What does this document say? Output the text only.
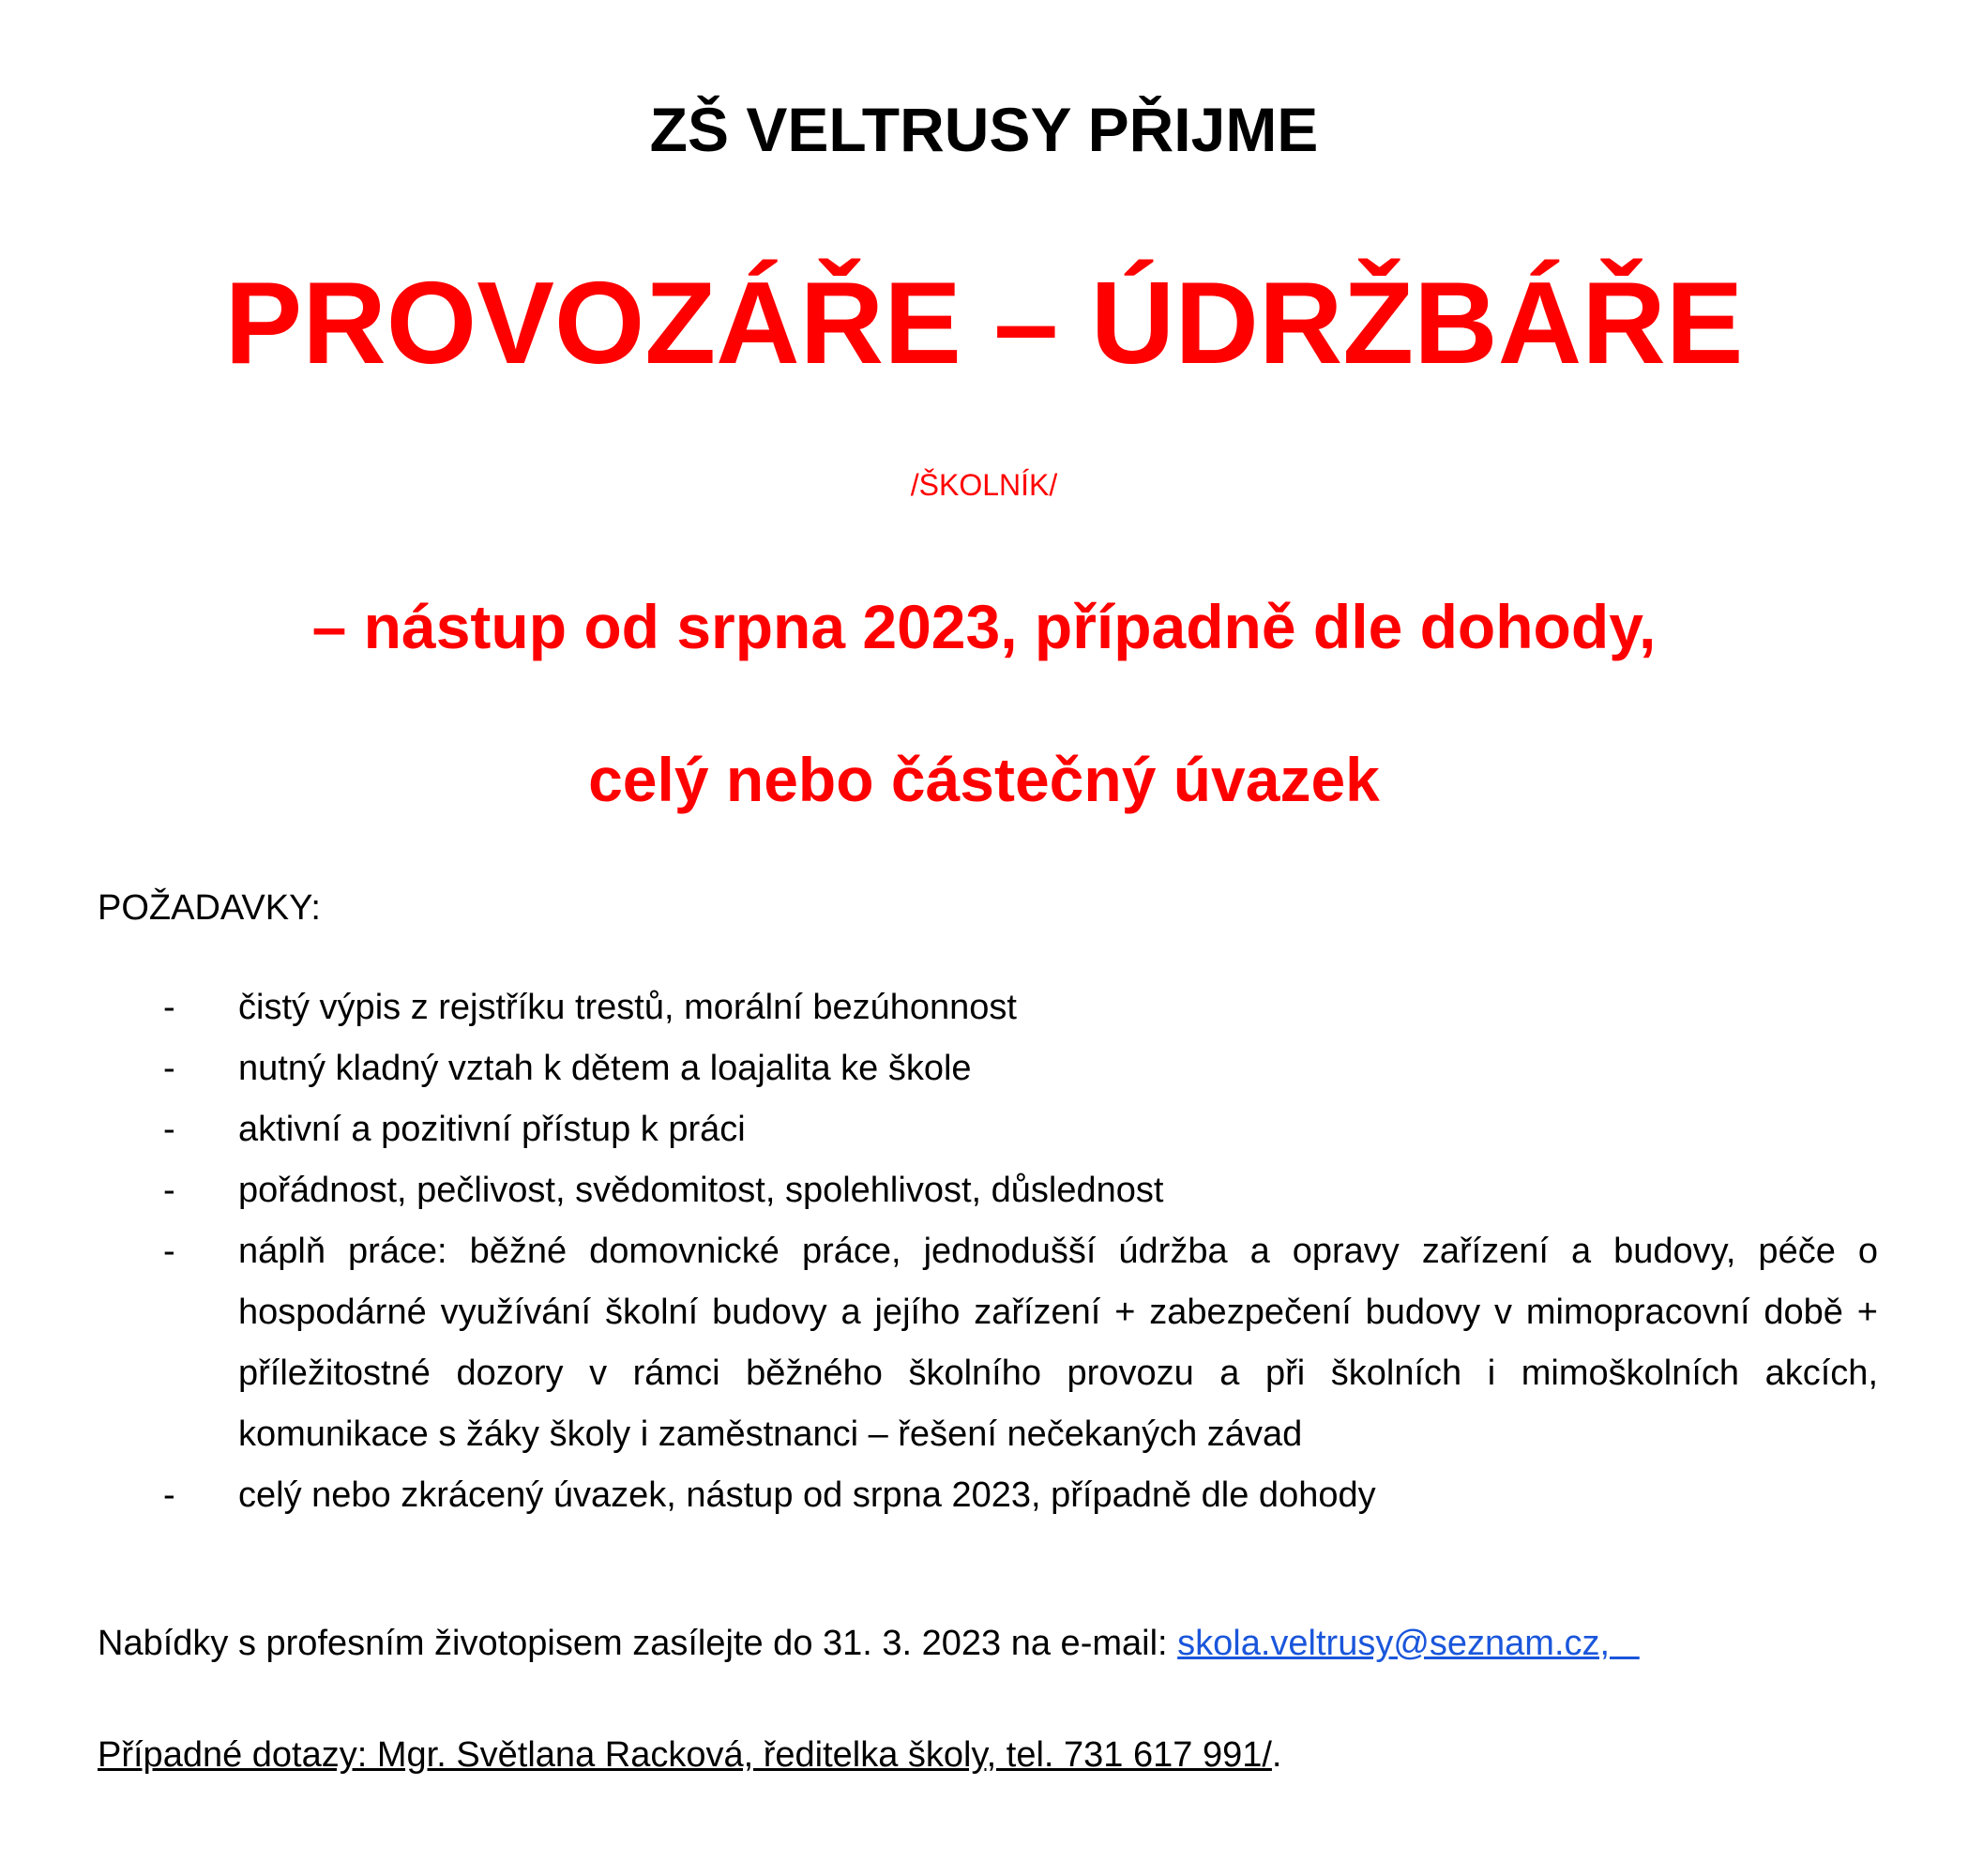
ZŠ VELTRUSY PŘIJME
PROVOZÁŘE – ÚDRŽBÁŘE
/ŠKOLNÍK/
– nástup od srpna 2023, případně dle dohody,
celý nebo částečný úvazek
POŽADAVKY:
- čistý výpis z rejstříku trestů, morální bezúhonnost
- nutný kladný vztah k dětem a loajalita ke škole
- aktivní a pozitivní přístup k práci
- pořádnost, pečlivost, svědomitost, spolehlivost, důslednost
- náplň práce: běžné domovnické práce, jednodušší údržba a opravy zařízení a budovy, péče o hospodárné využívání školní budovy a jejího zařízení + zabezpečení budovy v mimopracovní době + příležitostné dozory v rámci běžného školního provozu a při školních i mimoškolních akcích, komunikace s žáky školy i zaměstnanci – řešení nečekaných závad
- celý nebo zkrácený úvazek, nástup od srpna 2023, případně dle dohody
Nabídky s profesním životopisem zasílejte do 31. 3. 2023 na e-mail: skola.veltrusy@seznam.cz,
Případné dotazy: Mgr. Světlana Racková, ředitelka školy, tel. 731 617 991/.
